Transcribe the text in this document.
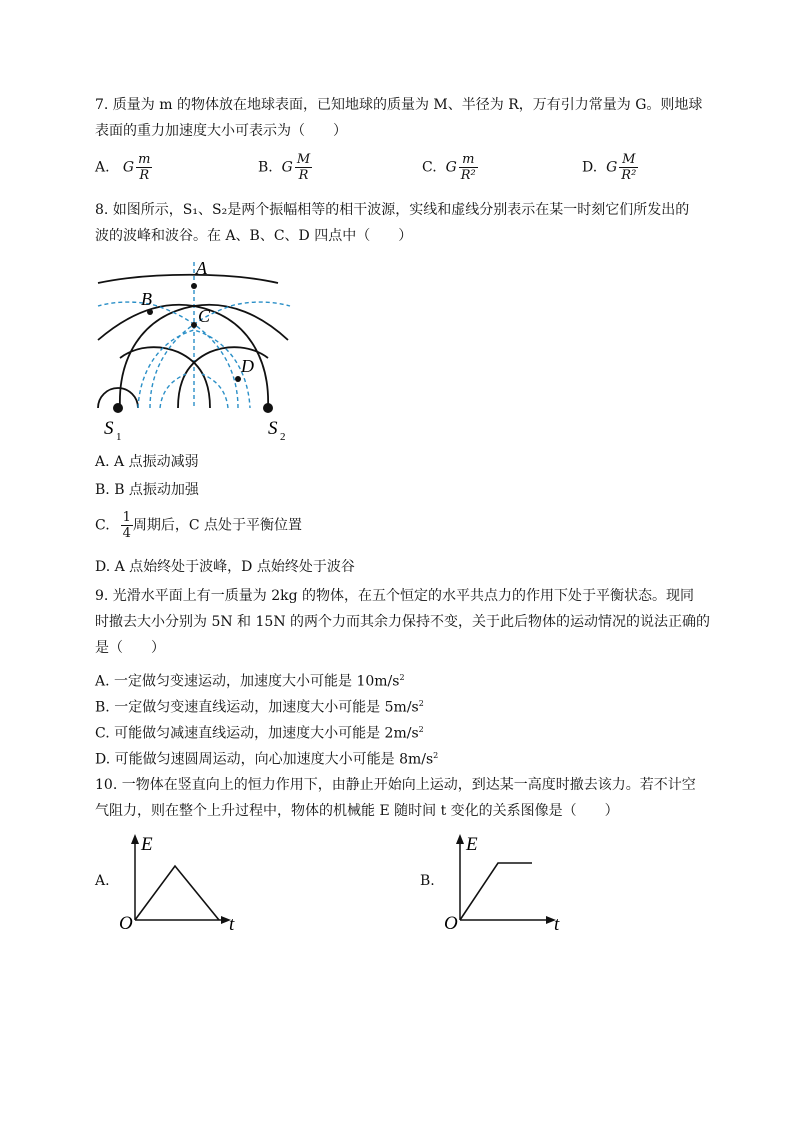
7. 质量为 m 的物体放在地球表面，已知地球的质量为 M、半径为 R，万有引力常量为 G。则地球
表面的重力加速度大小可表示为（　　）
A. G $\frac{m}{R}$	B. G $\frac{M}{R}$	C. G $\frac{m}{\text{R²}}$	D. G $\frac{M}{\text{R²}}$
8. 如图所示，S₁、S₂是两个振幅相等的相干波源，实线和虚线分别表示在某一时刻它们所发出的
波的波峰和波谷。在 A、B、C、D 四点中（　　）
A
B
C
D
S 1	S 2
A. A 点振动减弱
B. B 点振动加强
C. $\frac{1}{4}$ 周期后，C 点处于平衡位置
D. A 点始终处于波峰，D 点始终处于波谷
9. 光滑水平面上有一质量为 2kg 的物体，在五个恒定的水平共点力的作用下处于平衡状态。现同
时撤去大小分别为 5N 和 15N 的两个力而其余力保持不变，关于此后物体的运动情况的说法正确的
是（　　）
A. 一定做匀变速运动，加速度大小可能是 $10m/s^2$
B. 一定做匀变速直线运动，加速度大小可能是 $5m/s^2$
C. 可能做匀减速直线运动，加速度大小可能是 $2m/s^2$
D. 可能做匀速圆周运动，向心加速度大小可能是 $8m/s^2$
10. 一物体在竖直向上的恒力作用下，由静止开始向上运动，到达某一高度时撤去该力。若不计空
气阻力，则在整个上升过程中，物体的机械能 E 随时间 t 变化的关系图像是（　　）
A.
E
t
O
B.
E
t
O
